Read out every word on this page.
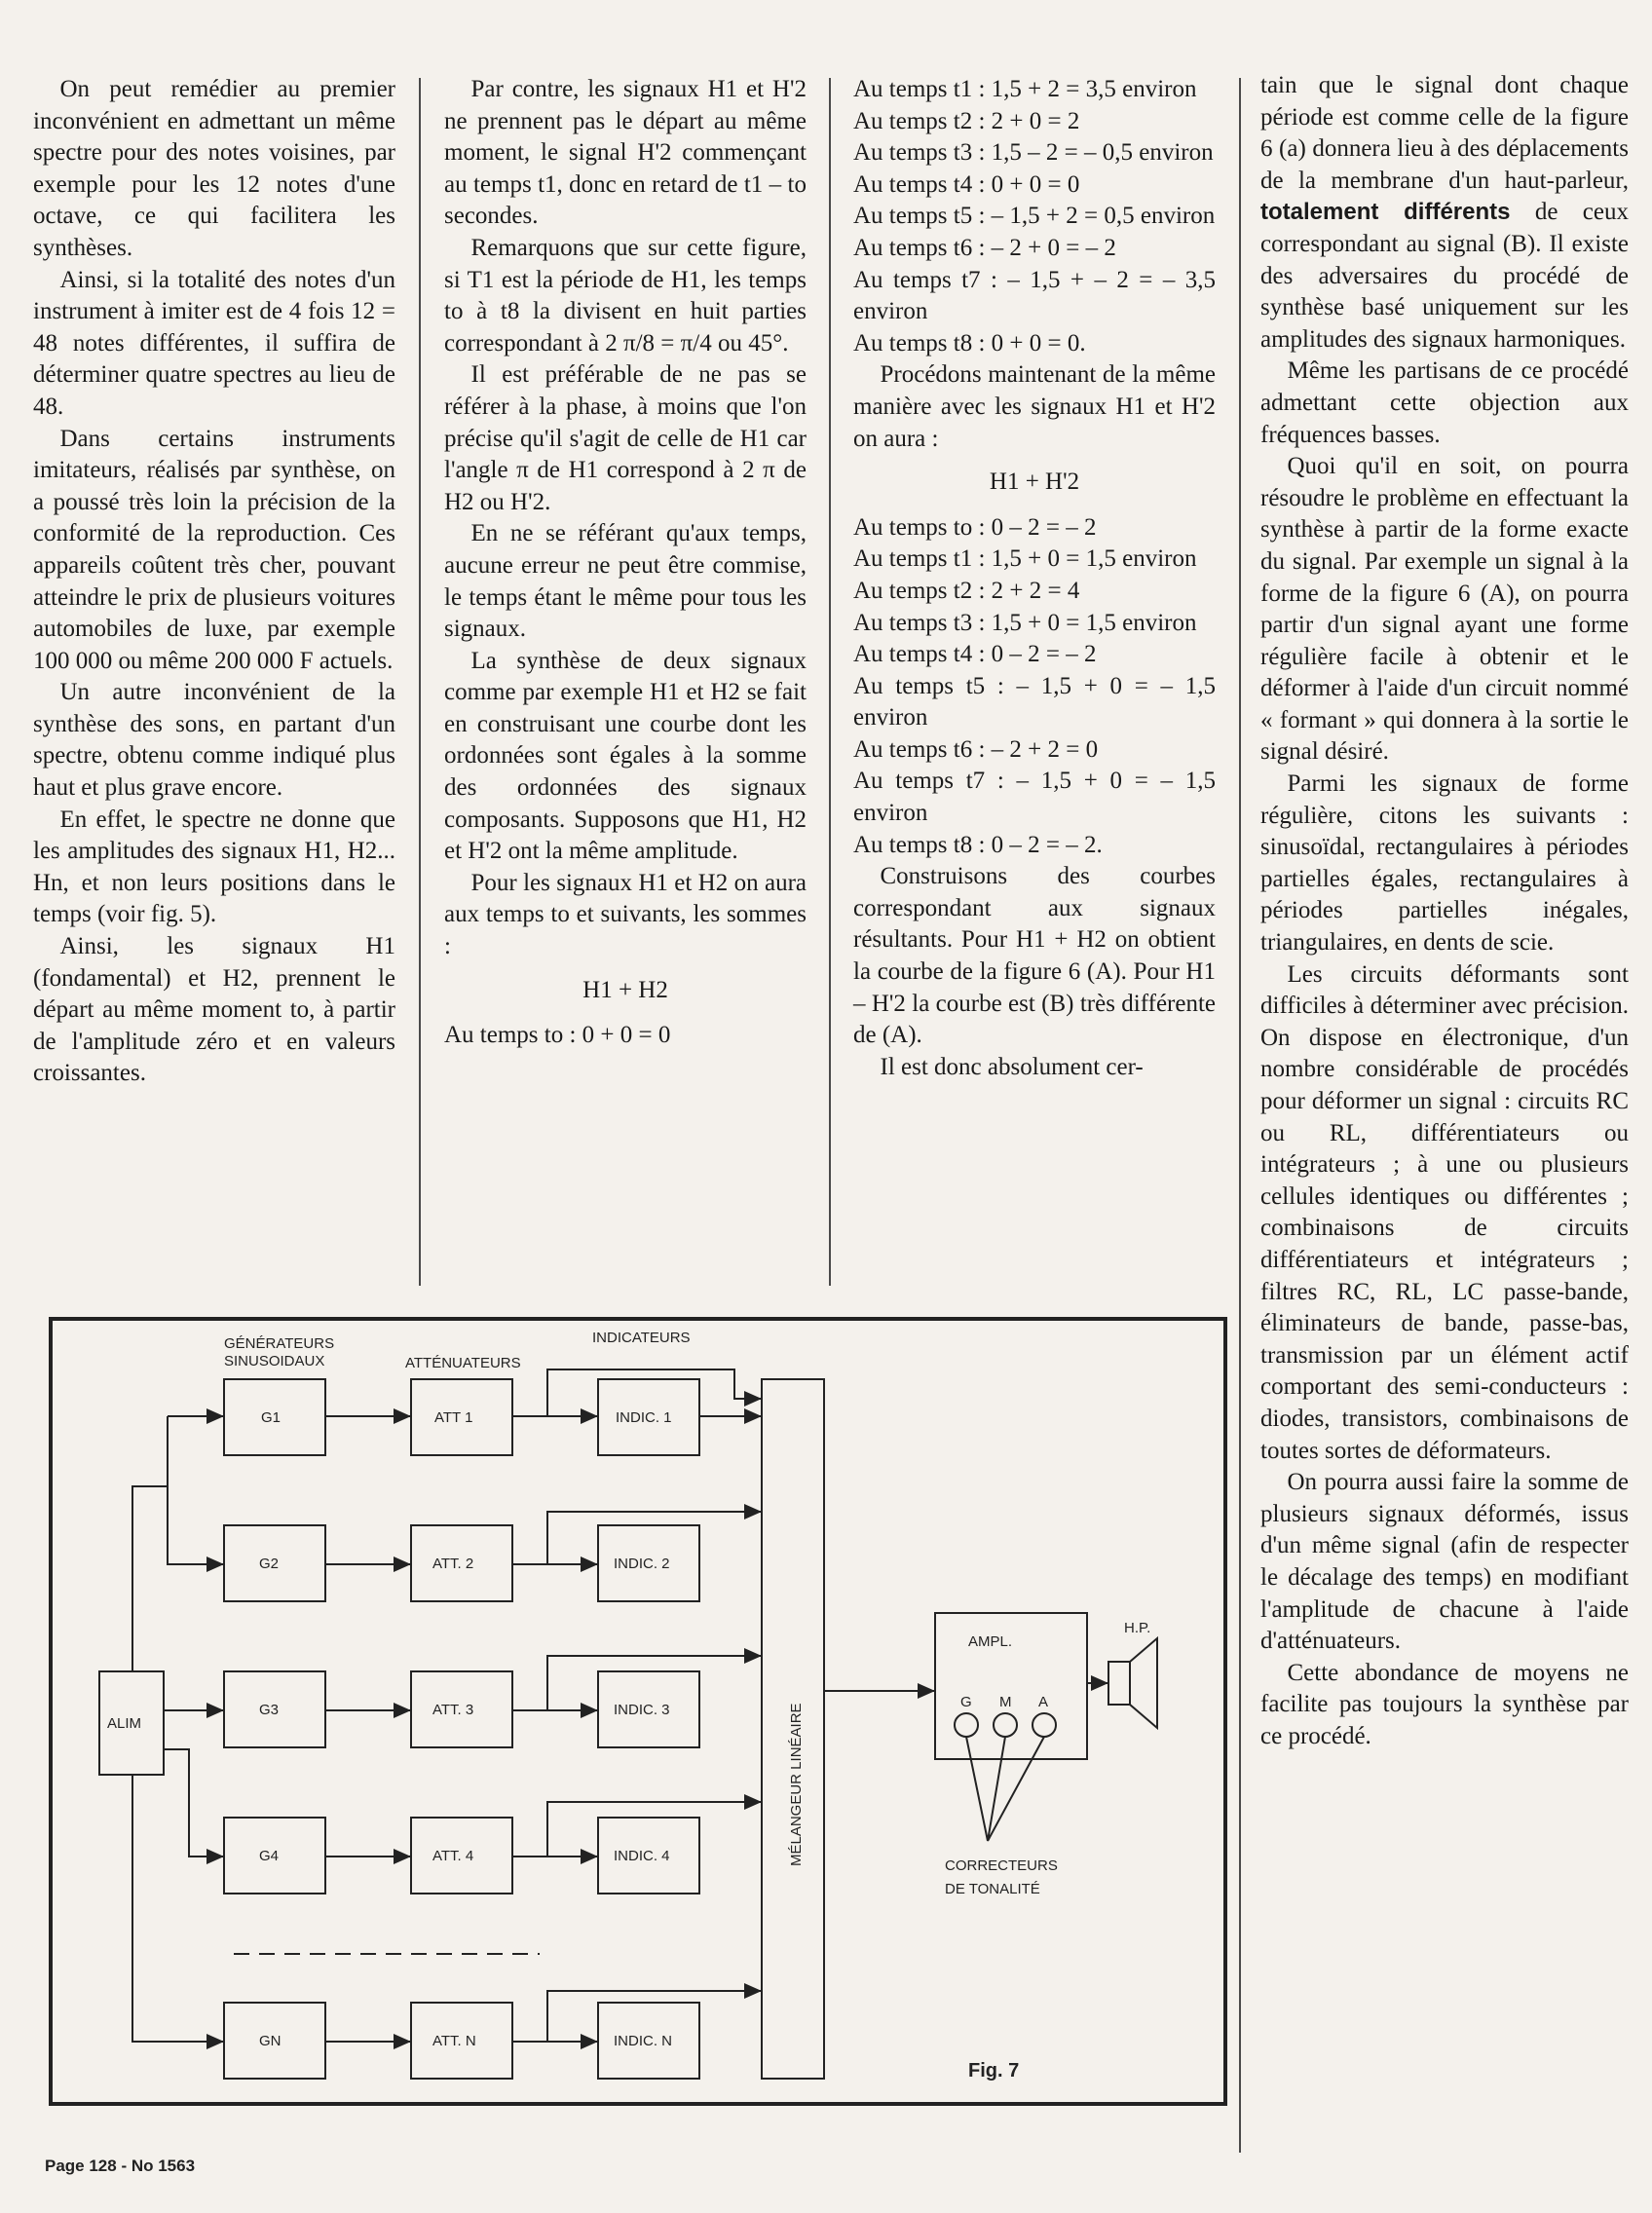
On peut remédier au premier inconvénient en admettant un même spectre pour des notes voisines, par exemple pour les 12 notes d'une octave, ce qui facilitera les synthèses.

Ainsi, si la totalité des notes d'un instrument à imiter est de 4 fois 12 = 48 notes différentes, il suffira de déterminer quatre spectres au lieu de 48.

Dans certains instruments imitateurs, réalisés par synthèse, on a poussé très loin la précision de la conformité de la reproduction. Ces appareils coûtent très cher, pouvant atteindre le prix de plusieurs voitures automobiles de luxe, par exemple 100 000 ou même 200 000 F actuels.

Un autre inconvénient de la synthèse des sons, en partant d'un spectre, obtenu comme indiqué plus haut et plus grave encore.

En effet, le spectre ne donne que les amplitudes des signaux H1, H2... Hn, et non leurs positions dans le temps (voir fig. 5).

Ainsi, les signaux H1 (fondamental) et H2, prennent le départ au même moment to, à partir de l'amplitude zéro et en valeurs croissantes.

Par contre, les signaux H1 et H'2 ne prennent pas le départ au même moment, le signal H'2 commençant au temps t1, donc en retard de t1 – to secondes.

Remarquons que sur cette figure, si T1 est la période de H1, les temps to à t8 la divisent en huit parties correspondant à 2 π/8 = π/4 ou 45°.

Il est préférable de ne pas se référer à la phase, à moins que l'on précise qu'il s'agit de celle de H1 car l'angle π de H1 correspond à 2 π de H2 ou H'2.

En ne se référant qu'aux temps, aucune erreur ne peut être commise, le temps étant le même pour tous les signaux.

La synthèse de deux signaux comme par exemple H1 et H2 se fait en construisant une courbe dont les ordonnées sont égales à la somme des ordonnées des signaux composants. Supposons que H1, H2 et H'2 ont la même amplitude.

Pour les signaux H1 et H2 on aura aux temps to et suivants, les sommes :

H1 + H2

Au temps to : 0 + 0 = 0

Au temps t1 : 1,5 + 2 = 3,5 environ

Au temps t2 : 2 + 0 = 2

Au temps t3 : 1,5 – 2 = – 0,5 environ

Au temps t4 : 0 + 0 = 0

Au temps t5 : – 1,5 + 2 = 0,5 environ

Au temps t6 : – 2 + 0 = – 2

Au temps t7 : – 1,5 + – 2 = – 3,5 environ

Au temps t8 : 0 + 0 = 0.

Procédons maintenant de la même manière avec les signaux H1 et H'2 on aura :

H1 + H'2

Au temps to : 0 – 2 = – 2

Au temps t1 : 1,5 + 0 = 1,5 environ

Au temps t2 : 2 + 2 = 4

Au temps t3 : 1,5 + 0 = 1,5 environ

Au temps t4 : 0 – 2 = – 2

Au temps t5 : – 1,5 + 0 = – 1,5 environ

Au temps t6 : – 2 + 2 = 0

Au temps t7 : – 1,5 + 0 = – 1,5 environ

Au temps t8 : 0 – 2 = – 2.

Construisons des courbes correspondant aux signaux résultants. Pour H1 + H2 on obtient la courbe de la figure 6 (A). Pour H1 – H'2 la courbe est (B) très différente de (A).

Il est donc absolument cer-

tain que le signal dont chaque période est comme celle de la figure 6 (a) donnera lieu à des déplacements de la membrane d'un haut-parleur, totalement différents de ceux correspondant au signal (B). Il existe des adversaires du procédé de synthèse basé uniquement sur les amplitudes des signaux harmoniques.

Même les partisans de ce procédé admettant cette objection aux fréquences basses.

Quoi qu'il en soit, on pourra résoudre le problème en effectuant la synthèse à partir de la forme exacte du signal. Par exemple un signal à la forme de la figure 6 (A), on pourra partir d'un signal ayant une forme régulière facile à obtenir et le déformer à l'aide d'un circuit nommé « formant » qui donnera à la sortie le signal désiré.

Parmi les signaux de forme régulière, citons les suivants : sinusoïdal, rectangulaires à périodes partielles égales, rectangulaires à périodes partielles inégales, triangulaires, en dents de scie.

Les circuits déformants sont difficiles à déterminer avec précision. On dispose en électronique, d'un nombre considérable de procédés pour déformer un signal : circuits RC ou RL, différentiateurs ou intégrateurs ; à une ou plusieurs cellules identiques ou différentes ; combinaisons de circuits différentiateurs et intégrateurs ; filtres RC, RL, LC passe-bande, éliminateurs de bande, passe-bas, transmission par un élément actif comportant des semi-conducteurs : diodes, transistors, combinaisons de toutes sortes de déformateurs.

On pourra aussi faire la somme de plusieurs signaux déformés, issus d'un même signal (afin de respecter le décalage des temps) en modifiant l'amplitude de chacune à l'aide d'atténuateurs.

Cette abondance de moyens ne facilite pas toujours la synthèse par ce procédé.

GÉNÉRATEURS
SINUSOIDAUX	ATTÉNUATEURS
INDICATEURS
ALIM
G1
G2
G3
G4
GN
ATT 1
ATT. 2
ATT. 3
ATT. 4
ATT. N
INDIC. 1
INDIC. 2
INDIC. 3
INDIC. 4
INDIC. N
MÉLANGEUR LINÉAIRE
AMPL.
G M A
H.P.
CORRECTEURS
DE TONALITÉ
Fig. 7
Page 128 - No 1563
